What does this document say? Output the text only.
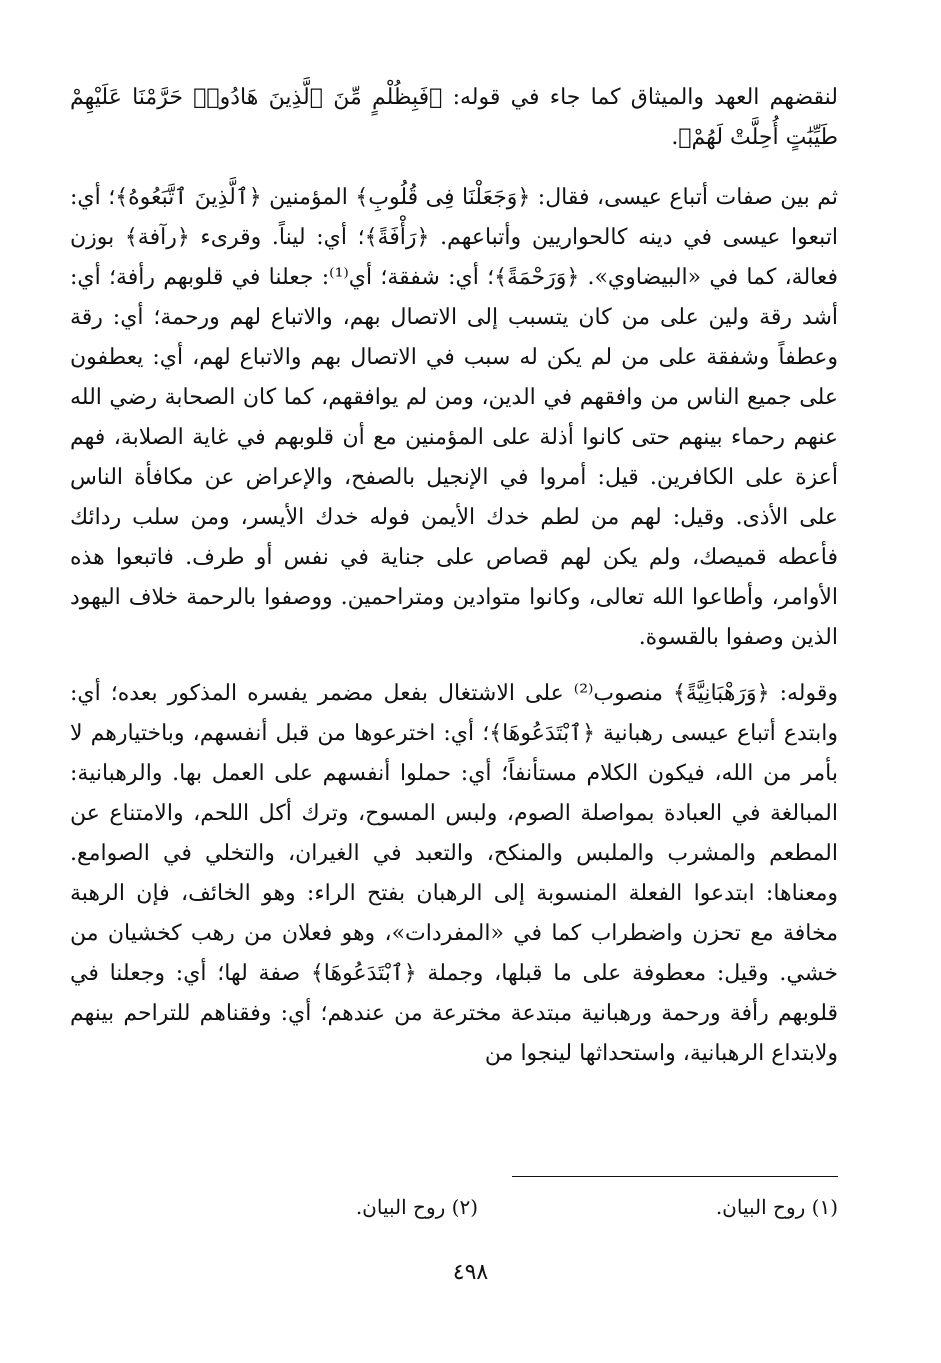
لنقضهم العهد والميثاق كما جاء في قوله: ﴿فَبِظُلْمٍ مِّنَ ٱلَّذِينَ هَادُوا۟ حَرَّمْنَا عَلَيْهِمْ طَيِّبَٰتٍ أُحِلَّتْ لَهُمْ﴾.

ثم بين صفات أتباع عيسى، فقال: ﴿وَجَعَلْنَا فِى قُلُوبِ﴾ المؤمنين ﴿ٱلَّذِينَ ٱتَّبَعُوهُ﴾؛ أي: اتبعوا عيسى في دينه كالحواريين وأتباعهم. ﴿رَأْفَةً﴾؛ أي: ليناً. وقرىء ﴿رآفة﴾ بوزن فعالة، كما في «البيضاوي». ﴿وَرَحْمَةً﴾؛ أي: شفقة؛ أي⁽¹⁾: جعلنا في قلوبهم رأفة؛ أي: أشد رقة ولين على من كان يتسبب إلى الاتصال بهم، والاتباع لهم ورحمة؛ أي: رقة وعطفاً وشفقة على من لم يكن له سبب في الاتصال بهم والاتباع لهم، أي: يعطفون على جميع الناس من وافقهم في الدين، ومن لم يوافقهم، كما كان الصحابة رضي الله عنهم رحماء بينهم حتى كانوا أذلة على المؤمنين مع أن قلوبهم في غاية الصلابة، فهم أعزة على الكافرين. قيل: أمروا في الإنجيل بالصفح، والإعراض عن مكافأة الناس على الأذى. وقيل: لهم من لطم خدك الأيمن فوله خدك الأيسر، ومن سلب ردائك فأعطه قميصك، ولم يكن لهم قصاص على جناية في نفس أو طرف. فاتبعوا هذه الأوامر، وأطاعوا الله تعالى، وكانوا متوادين ومتراحمين. ووصفوا بالرحمة خلاف اليهود الذين وصفوا بالقسوة.

وقوله: ﴿وَرَهْبَانِيَّةً﴾ منصوب⁽²⁾ على الاشتغال بفعل مضمر يفسره المذكور بعده؛ أي: وابتدع أتباع عيسى رهبانية ﴿ٱبْتَدَعُوهَا﴾؛ أي: اخترعوها من قبل أنفسهم، وباختيارهم لا بأمر من الله، فيكون الكلام مستأنفاً؛ أي: حملوا أنفسهم على العمل بها. والرهبانية: المبالغة في العبادة بمواصلة الصوم، ولبس المسوح، وترك أكل اللحم، والامتناع عن المطعم والمشرب والملبس والمنكح، والتعبد في الغيران، والتخلي في الصوامع. ومعناها: ابتدعوا الفعلة المنسوبة إلى الرهبان بفتح الراء: وهو الخائف، فإن الرهبة مخافة مع تحزن واضطراب كما في «المفردات»، وهو فعلان من رهب كخشيان من خشي. وقيل: معطوفة على ما قبلها، وجملة ﴿ٱبْتَدَعُوهَا﴾ صفة لها؛ أي: وجعلنا في قلوبهم رأفة ورحمة ورهبانية مبتدعة مخترعة من عندهم؛ أي: وفقناهم للتراحم بينهم ولابتداع الرهبانية، واستحداثها لينجوا من

(١) روح البيان.
(٢) روح البيان.
٤٩٨
